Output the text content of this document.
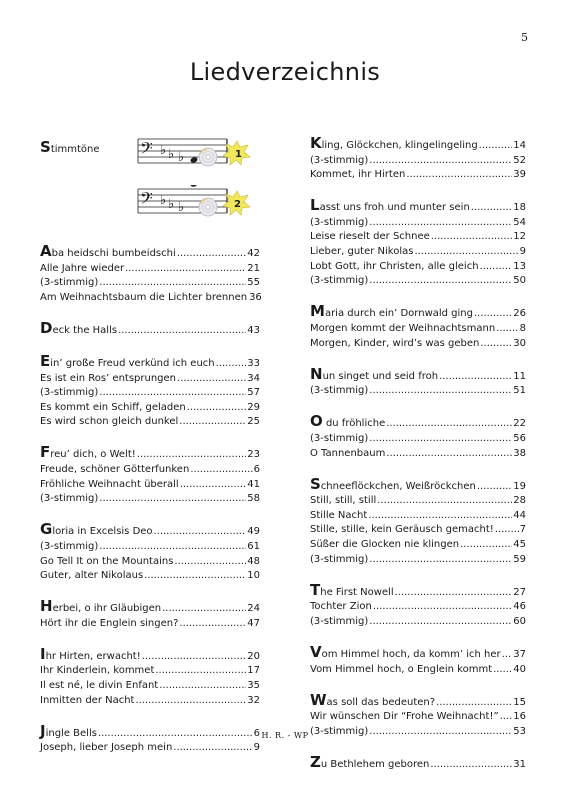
5
Liedverzeichnis
Stimmtöne 𝄢 ♭ ♭ ♭	1
𝄢 ♭ ♭ ♭	2
Aba heidschi bumbeidschi . . .	42
Alle Jahre wieder . . .	21
(3-stimmig) . . .	55
Am Weihnachtsbaum die Lichter brennen 36
Deck the Halls . . .	43
Ein’ große Freud verkünd ich euch . . .	33
Es ist ein Ros’ entsprungen . . .	34
(3-stimmig) . . .	57
Es kommt ein Schiff, geladen . . .	29
Es wird schon gleich dunkel . . .	25
Freu’ dich, o Welt! . . .	23
Freude, schöner Götterfunken . . .	6
Fröhliche Weihnacht überall . . .	41
(3-stimmig) . . .	58
Gloria in Excelsis Deo . . .	49
(3-stimmig) . . .	61
Go Tell It on the Mountains . . .	48
Guter, alter Nikolaus . . .	10
Herbei, o ihr Gläubigen . . .	24
Hört ihr die Englein singen? . . .	47
Ihr Hirten, erwacht! . . .	20
Ihr Kinderlein, kommet . . .	17
Il est né, le divin Enfant . . .	35
Inmitten der Nacht . . .	32
Jingle Bells . . .	6
Joseph, lieber Joseph mein . . .	9
Kling, Glöckchen, klingelingeling . . .	14
(3-stimmig) . . .	52
Kommet, ihr Hirten . . .	39
Lasst uns froh und munter sein . . .	18
(3-stimmig) . . .	54
Leise rieselt der Schnee . . .	12
Lieber, guter Nikolas . . .	9
Lobt Gott, ihr Christen, alle gleich . . .	13
(3-stimmig) . . .	50
Maria durch ein’ Dornwald ging . . .	26
Morgen kommt der Weihnachtsmann . . . 8
Morgen, Kinder, wird’s was geben . . .	30
Nun singet und seid froh . . .	11
(3-stimmig) . . .	51
O du fröhliche . . .	22
(3-stimmig) . . .	56
O Tannenbaum . . .	38
Schneeflöckchen, Weißröckchen . . .	19
Still, still, still . . .	28
Stille Nacht . . .	44
Stille, stille, kein Geräusch gemacht! . . .	7
Süßer die Glocken nie klingen . . .	45
(3-stimmig) . . .	59
The First Nowell . . .	27
Tochter Zion . . .	46
(3-stimmig) . . .	60
Vom Himmel hoch, da komm’ ich her . . . 37
Vom Himmel hoch, o Englein kommt . . . 40
Was soll das bedeuten? . . .	15
Wir wünschen Dir “Frohe Weihnacht!” . . . 16
(3-stimmig) . . .	53
Zu Bethlehem geboren . . .	31
H. R. - WP
